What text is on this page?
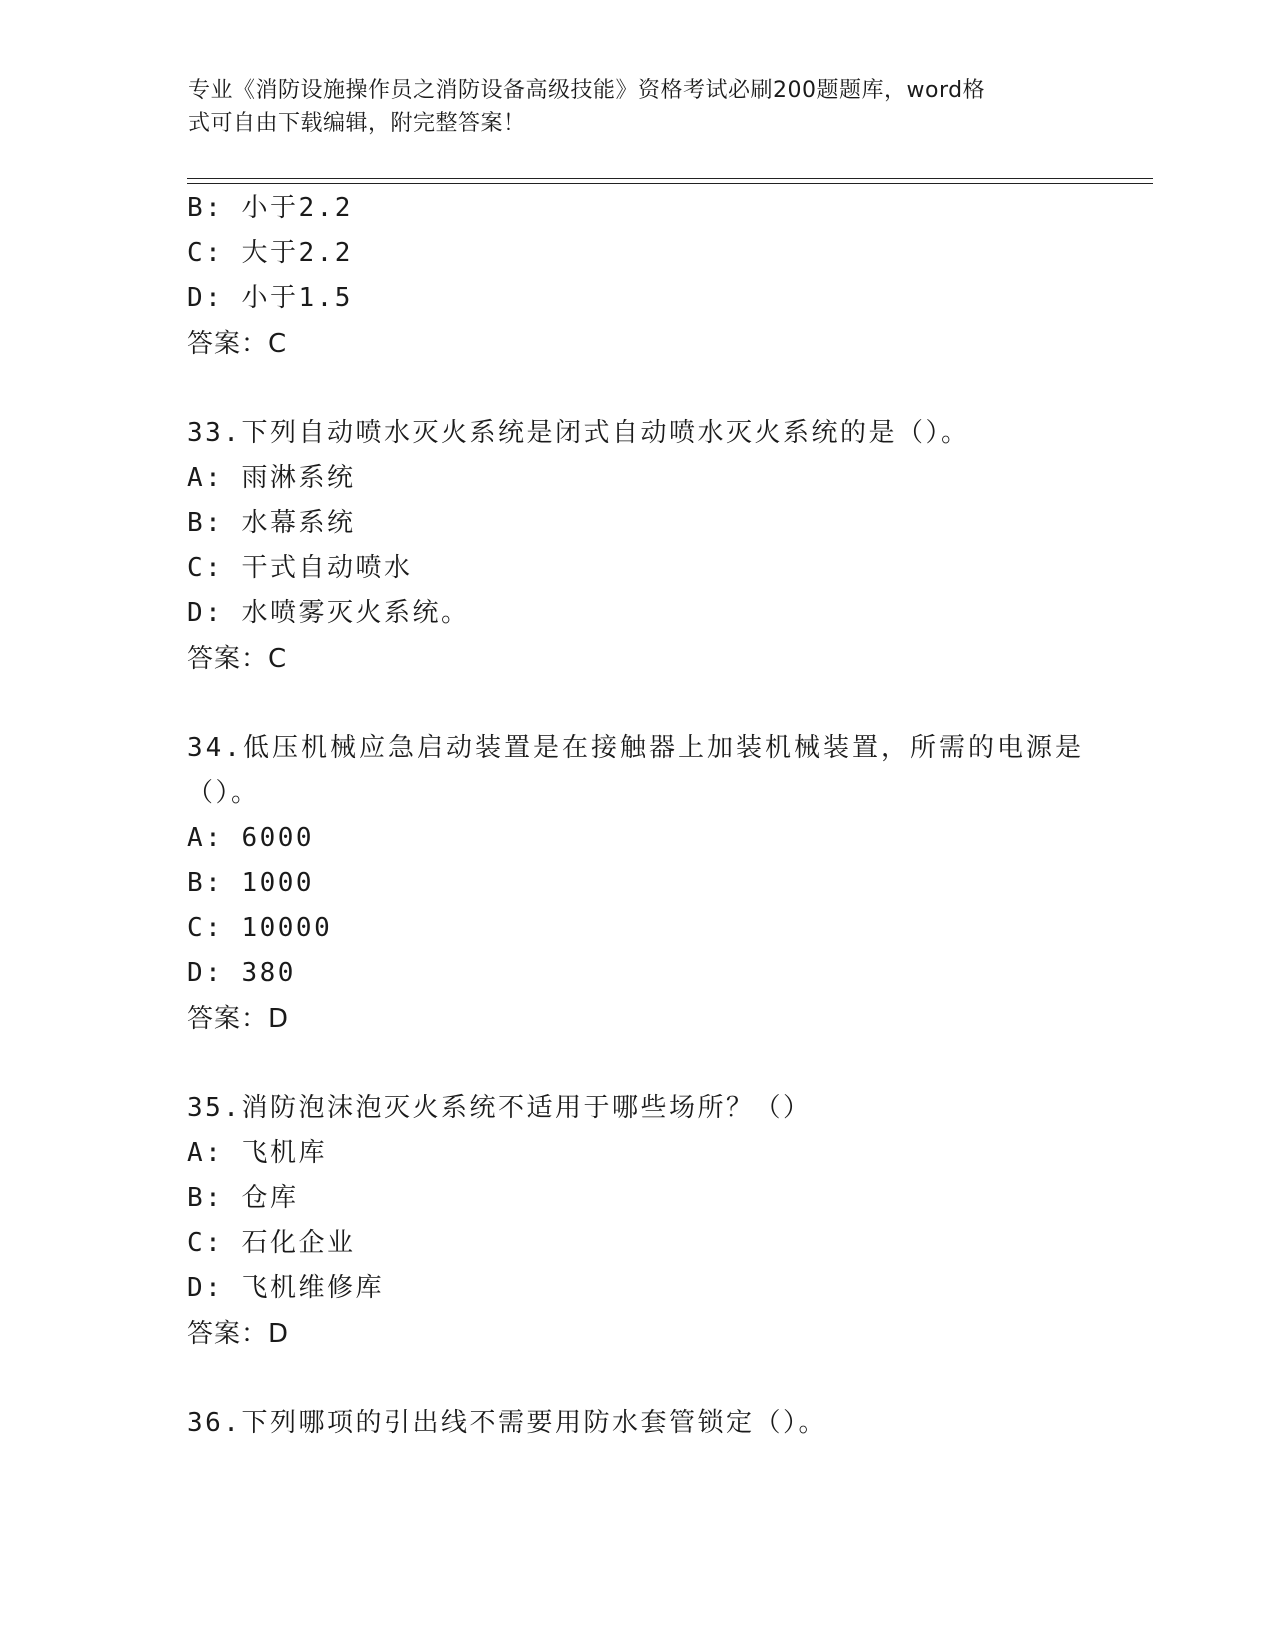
专业《消防设施操作员之消防设备高级技能》资格考试必刷200题题库，word格
式可自由下载编辑，附完整答案！
B: 小于2.2
C: 大于2.2
D: 小于1.5
答案：C
33.下列自动喷水灭火系统是闭式自动喷水灭火系统的是（）。
A: 雨淋系统
B: 水幕系统
C: 干式自动喷水
D: 水喷雾灭火系统。
答案：C
34.低压机械应急启动装置是在接触器上加装机械装置，所需的电源是
（）。
A: 6000
B: 1000
C: 10000
D: 380
答案：D
35.消防泡沫泡灭火系统不适用于哪些场所？（）
A: 飞机库
B: 仓库
C: 石化企业
D: 飞机维修库
答案：D
36.下列哪项的引出线不需要用防水套管锁定（）。
